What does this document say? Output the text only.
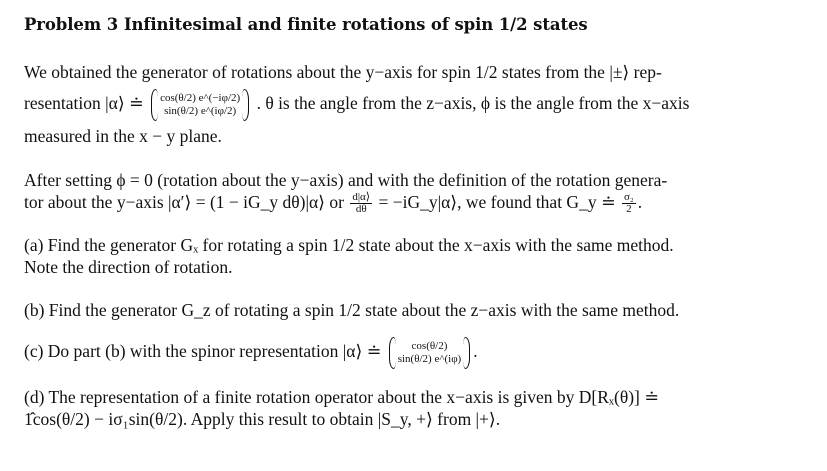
Problem 3 Infinitesimal and finite rotations of spin 1/2 states
We obtained the generator of rotations about the y−axis for spin 1/2 states from the |±⟩ rep-
resentation |α⟩ ≐ cos(θ/2) e^(−iφ/2)
sin(θ/2) e^(iφ/2) . θ is the angle from the z−axis, ϕ is the angle from the x−axis
measured in the x − y plane.
After setting ϕ = 0 (rotation about the y−axis) and with the definition of the rotation genera-
tor about the y−axis |α′⟩ = (1 − iG_y dθ)|α⟩ or $\frac{d|\alpha⟩}{d\theta}$ = −iG_y|α⟩, we found that G_y ≐ $\frac{\text{σ₂}}{2}$ .
(a) Find the generator Gₓ for rotating a spin 1/2 state about the x−axis with the same method.
Note the direction of rotation.
(b) Find the generator G_z of rotating a spin 1/2 state about the z−axis with the same method.
(c) Do part (b) with the spinor representation |α⟩ ≐	cos(θ/2)
sin(θ/2) e^(iφ) .
(d) The representation of a finite rotation operator about the x−axis is given by D[Rₓ(θ)] ≐
1̂cos(θ/2) − iσ₁sin(θ/2). Apply this result to obtain |S_y, +⟩ from |+⟩.
